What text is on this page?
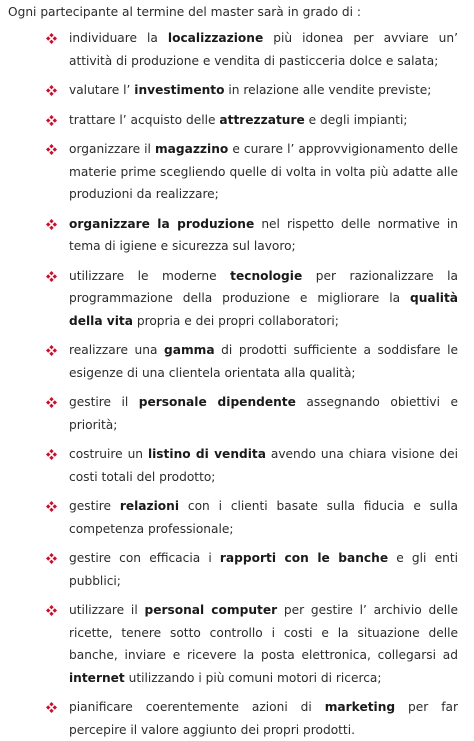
Ogni partecipante al termine del master sarà in grado di :
individuare la localizzazione più idonea per avviare un’ attività di produzione e vendita di pasticceria dolce e salata;
valutare l’ investimento in relazione alle vendite previste;
trattare l’ acquisto delle attrezzature e degli impianti;
organizzare il magazzino e curare l’ approvvigionamento delle materie prime scegliendo quelle di volta in volta più adatte alle produzioni da realizzare;
organizzare la produzione nel rispetto delle normative in tema di igiene e sicurezza sul lavoro;
utilizzare le moderne tecnologie per razionalizzare la programmazione della produzione e migliorare la qualità della vita propria e dei propri collaboratori;
realizzare una gamma di prodotti sufficiente a soddisfare le esigenze di una clientela orientata alla qualità;
gestire il personale dipendente assegnando obiettivi e priorità;
costruire un listino di vendita avendo una chiara visione dei costi totali del prodotto;
gestire relazioni con i clienti basate sulla fiducia e sulla competenza professionale;
gestire con efficacia i rapporti con le banche e gli enti pubblici;
utilizzare il personal computer per gestire l’ archivio delle ricette, tenere sotto controllo i costi e la situazione delle banche, inviare e ricevere la posta elettronica, collegarsi ad internet utilizzando i più comuni motori di ricerca;
pianificare coerentemente azioni di marketing per far percepire il valore aggiunto dei propri prodotti.
